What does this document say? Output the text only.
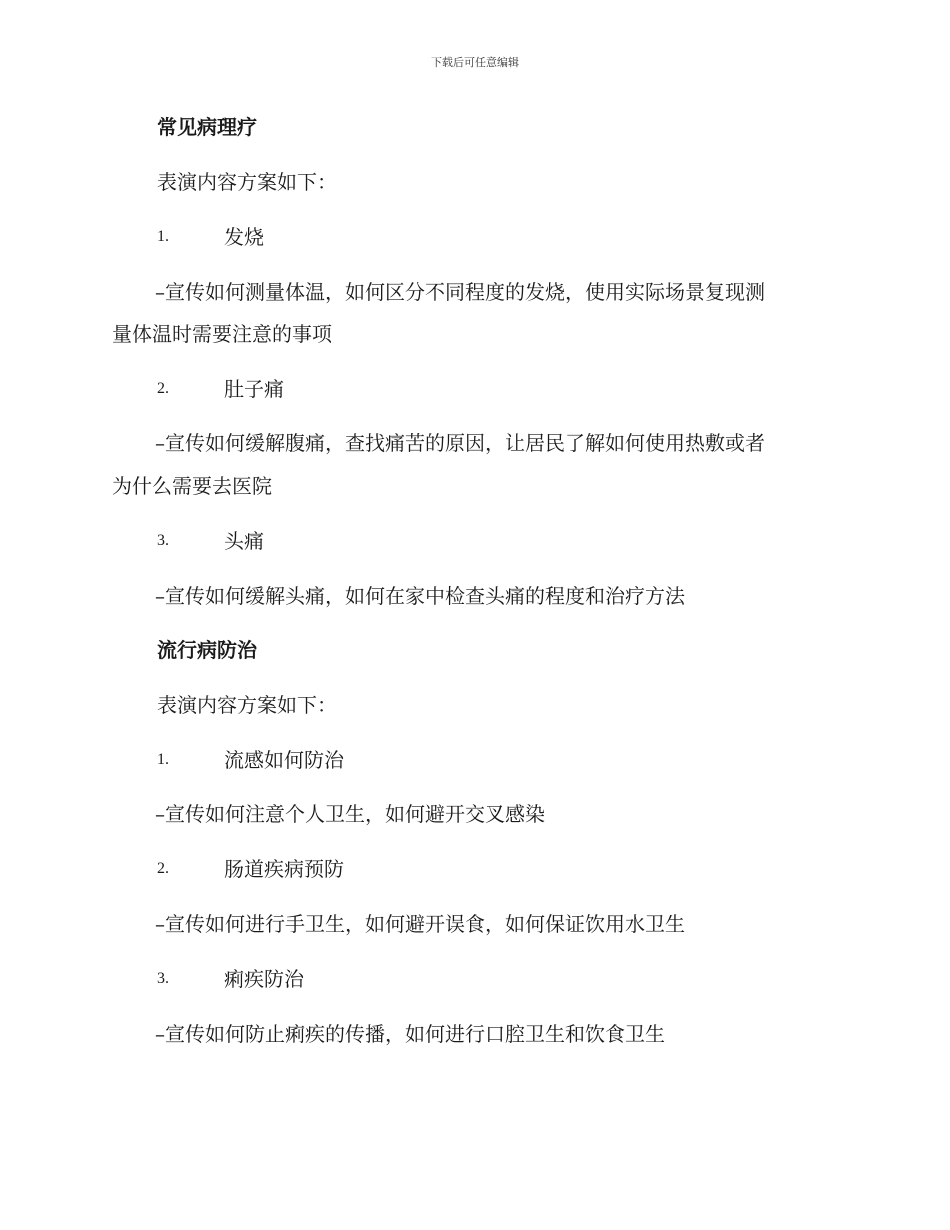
下载后可任意编辑
常见病理疗
表演内容方案如下：
1.	发烧
–宣传如何测量体温，如何区分不同程度的发烧，使用实际场景复现测
量体温时需要注意的事项
2.	肚子痛
–宣传如何缓解腹痛，查找痛苦的原因，让居民了解如何使用热敷或者
为什么需要去医院
3.	头痛
–宣传如何缓解头痛，如何在家中检查头痛的程度和治疗方法
流行病防治
表演内容方案如下：
1.	流感如何防治
–宣传如何注意个人卫生，如何避开交叉感染
2.	肠道疾病预防
–宣传如何进行手卫生，如何避开误食，如何保证饮用水卫生
3.	痢疾防治
–宣传如何防止痢疾的传播，如何进行口腔卫生和饮食卫生
